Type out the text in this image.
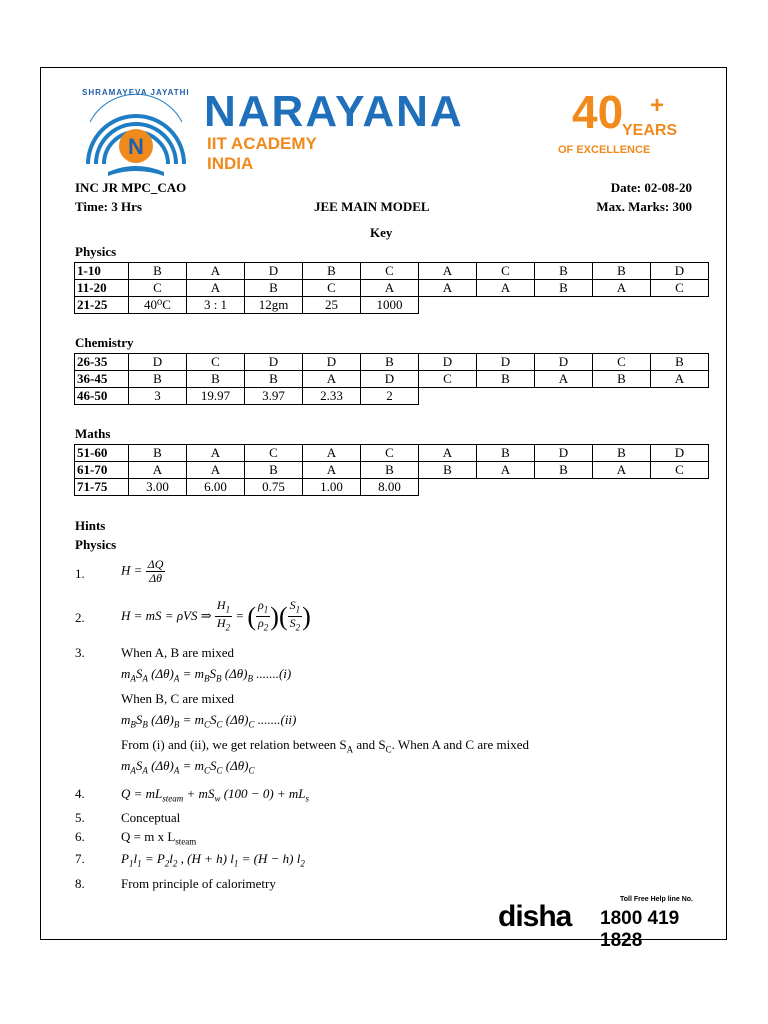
N
SHRAMAYEVA JAYATHI NARAYANA
IIT ACADEMY
INDIA
40 +
YEARS
OF EXCELLENCE
INC JR MPC_CAO	Date: 02-08-20
Time: 3 Hrs	JEE MAIN MODEL	Max. Marks: 300
Key
Physics
1-10	B	A	D	B	C	A	C	B	B	D
11-20	C	A	B	C	A	A	A	B	A	C
21-25	40⁰C	3 : 1	12gm	25	1000					
Chemistry
26-35	D	C	D	D	B	D	D	D	C	B
36-45	B	B	B	A	D	C	B	A	B	A
46-50	3	19.97	3.97	2.33	2					
Maths
51-60	B	A	C	A	C	A	B	D	B	D
61-70	A	A	B	A	B	B	A	B	A	C
71-75	3.00	6.00	0.75	1.00	8.00					
Hints
Physics
1.	$H = \frac{\Delta Q}{\Delta\theta}$
2.	H = mS = ρVS ⇒ $\frac{H_1}{H_2}$ = ( $\frac{\rho_1}{\rho_2}$ )( $\frac{S_1}{S_2}$ )
3.	When A, B are mixed
$m_AS_A$ $(\Delta\theta)_A = m_BS_B$ $(\Delta\theta)_B$ .......(i)
When B, C are mixed
$m_BS_B$ $(\Delta\theta)_B = m_CS_C$ $(\Delta\theta)_C$ .......(ii)
From (i) and (ii), we get relation between $S_A$ and $S_C$. When A and C are mixed
$m_AS_A$ $(\Delta\theta)_A = m_CS_C$ $(\Delta\theta)_C$
4.	$Q = mL_{steam} + mS_w$ $(100 - 0) + mL_s$
5.	Conceptual
6.	Q = m x $L_{steam}$
7.	$P_1l_1 = P_2l_2$ , (H + h) $l_1 = (H - h)$ $l_2$
8.	From principle of calorimetry
Toll Free Help line No.
disha 1800 419 1828
